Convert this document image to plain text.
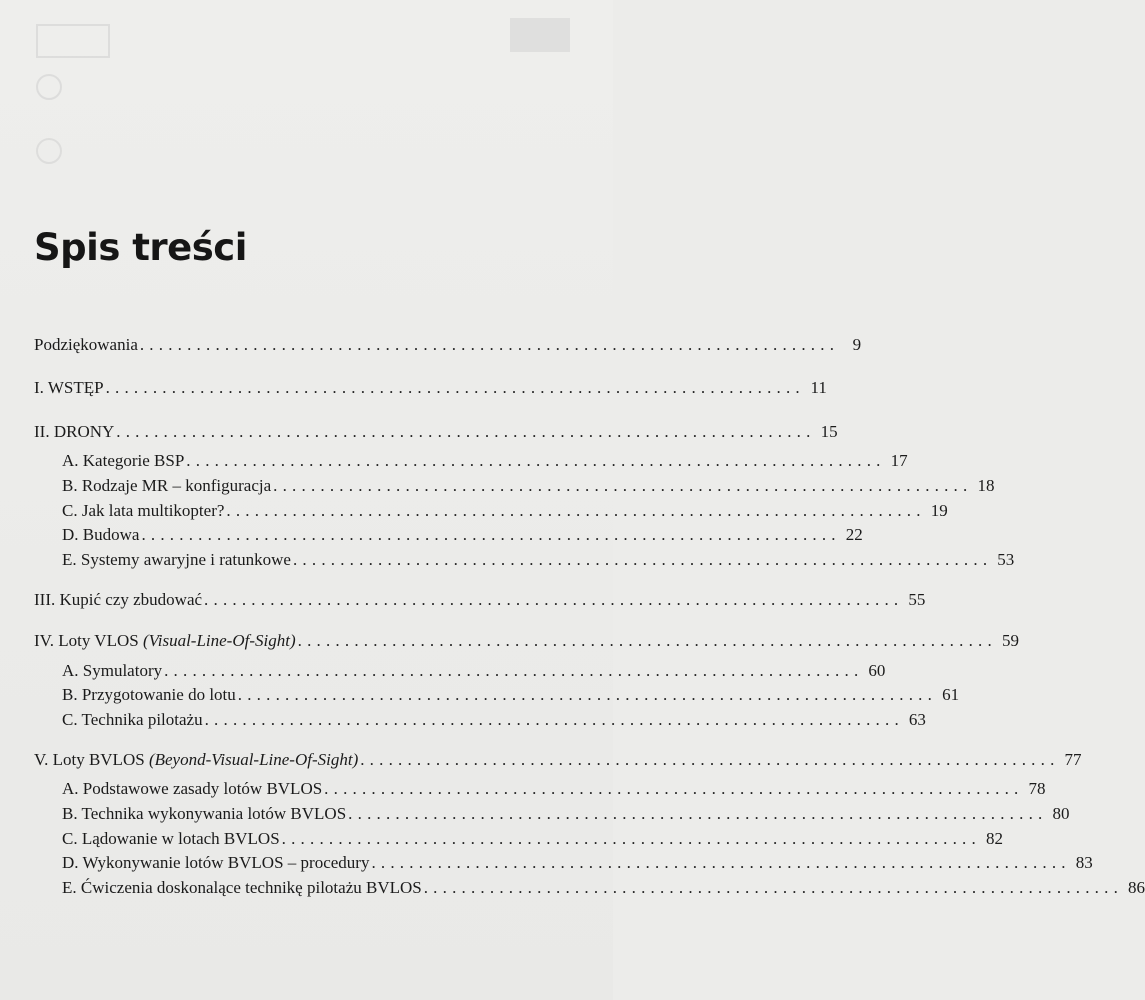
Spis treści
Podziękowania .......................................................................... 9
I. WSTĘP .......................................................................... 11
II. DRONY .......................................................................... 15
A. Kategorie BSP .......................................................................... 17
B. Rodzaje MR – konfiguracja .......................................................................... 18
C. Jak lata multikopter? .......................................................................... 19
D. Budowa .......................................................................... 22
E. Systemy awaryjne i ratunkowe .......................................................................... 53
III. Kupić czy zbudować .......................................................................... 55
IV. Loty VLOS (Visual-Line-Of-Sight) .......................................................................... 59
A. Symulatory .......................................................................... 60
B. Przygotowanie do lotu .......................................................................... 61
C. Technika pilotażu .......................................................................... 63
V. Loty BVLOS (Beyond-Visual-Line-Of-Sight) .......................................................................... 77
A. Podstawowe zasady lotów BVLOS .......................................................................... 78
B. Technika wykonywania lotów BVLOS .......................................................................... 80
C. Lądowanie w lotach BVLOS .......................................................................... 82
D. Wykonywanie lotów BVLOS – procedury .......................................................................... 83
E. Ćwiczenia doskonalące technikę pilotażu BVLOS .......................................................................... 86
